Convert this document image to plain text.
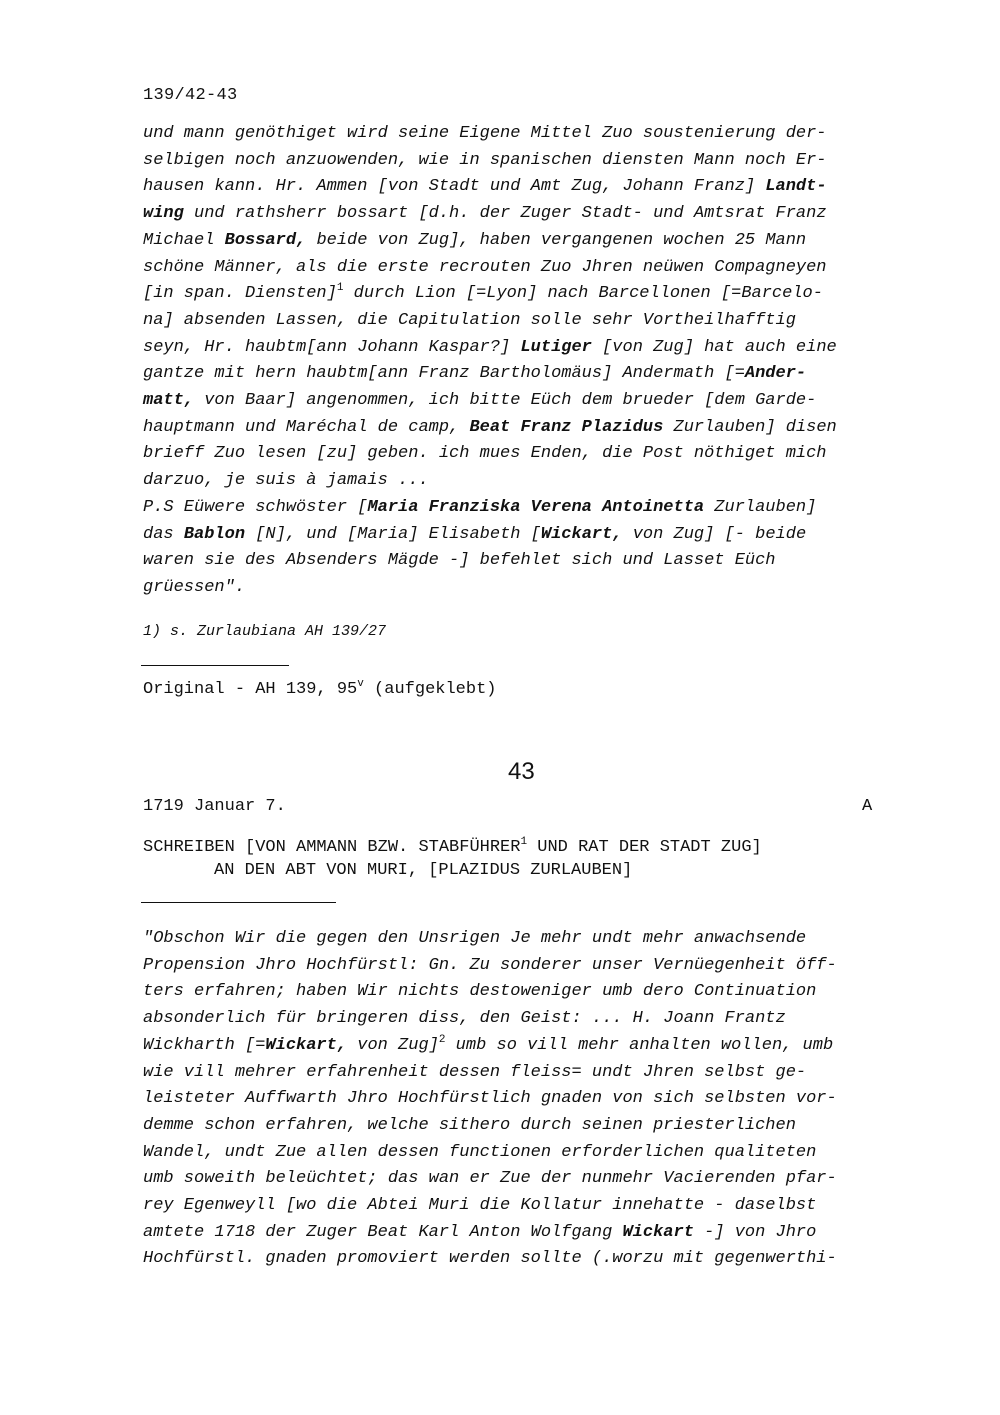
139/42-43
und mann genöthiget wird seine Eigene Mittel Zuo soustenierung der-
selbigen noch anzuowenden, wie in spanischen diensten Mann noch Er-
hausen kann. Hr. Ammen [von Stadt und Amt Zug, Johann Franz] Landt-
wing und rathsherr bossart [d.h. der Zuger Stadt- und Amtsrat Franz
Michael Bossard, beide von Zug], haben vergangenen wochen 25 Mann
schöne Männer, als die erste recrouten Zuo Jhren neüwen Compagneyen
[in span. Diensten]$^1$ durch Lion [=Lyon] nach Barcellonen [=Barcelo-
na] absenden Lassen, die Capitulation solle sehr Vortheilhafftig
seyn, Hr. haubtm[ann Johann Kaspar?] Lutiger [von Zug] hat auch eine
gantze mit hern haubtm[ann Franz Bartholomäus] Andermath [=Ander-
matt, von Baar] angenommen, ich bitte Eüch dem brueder [dem Garde-
hauptmann und Maréchal de camp, Beat Franz Plazidus Zurlauben] disen
brieff Zuo lesen [zu] geben. ich mues Enden, die Post nöthiget mich
darzuo, je suis à jamais ...
P.S Eüwere schwöster [Maria Franziska Verena Antoinetta Zurlauben]
das Bablon [N], und [Maria] Elisabeth [Wickart, von Zug] [- beide
waren sie des Absenders Mägde -] befehlet sich und Lasset Eüch
grüessen".
1) s. Zurlaubiana AH 139/27
Original - AH 139, 95$^v$ (aufgeklebt)
43
1719 Januar 7.	A
SCHREIBEN [VON AMMANN BZW. STABFÜHRER$^1$ UND RAT DER STADT ZUG]
AN DEN ABT VON MURI, [PLAZIDUS ZURLAUBEN]
"Obschon Wir die gegen den Unsrigen Je mehr undt mehr anwachsende
Propension Jhro Hochfürstl: Gn. Zu sonderer unser Vernüegenheit öff-
ters erfahren; haben Wir nichts destoweniger umb dero Continuation
absonderlich für bringeren diss, den Geist: ... H. Joann Frantz
Wickharth [=Wickart, von Zug]$^2$ umb so vill mehr anhalten wollen, umb
wie vill mehrer erfahrenheit dessen fleiss= undt Jhren selbst ge-
leisteter Auffwarth Jhro Hochfürstlich gnaden von sich selbsten vor-
demme schon erfahren, welche sithero durch seinen priesterlichen
Wandel, undt Zue allen dessen functionen erforderlichen qualiteten
umb soweith beleüchtet; das wan er Zue der nunmehr Vacierenden pfar-
rey Egenweyll [wo die Abtei Muri die Kollatur innehatte - daselbst
amtete 1718 der Zuger Beat Karl Anton Wolfgang Wickart -] von Jhro
Hochfürstl. gnaden promoviert werden sollte (.worzu mit gegenwerthi-
